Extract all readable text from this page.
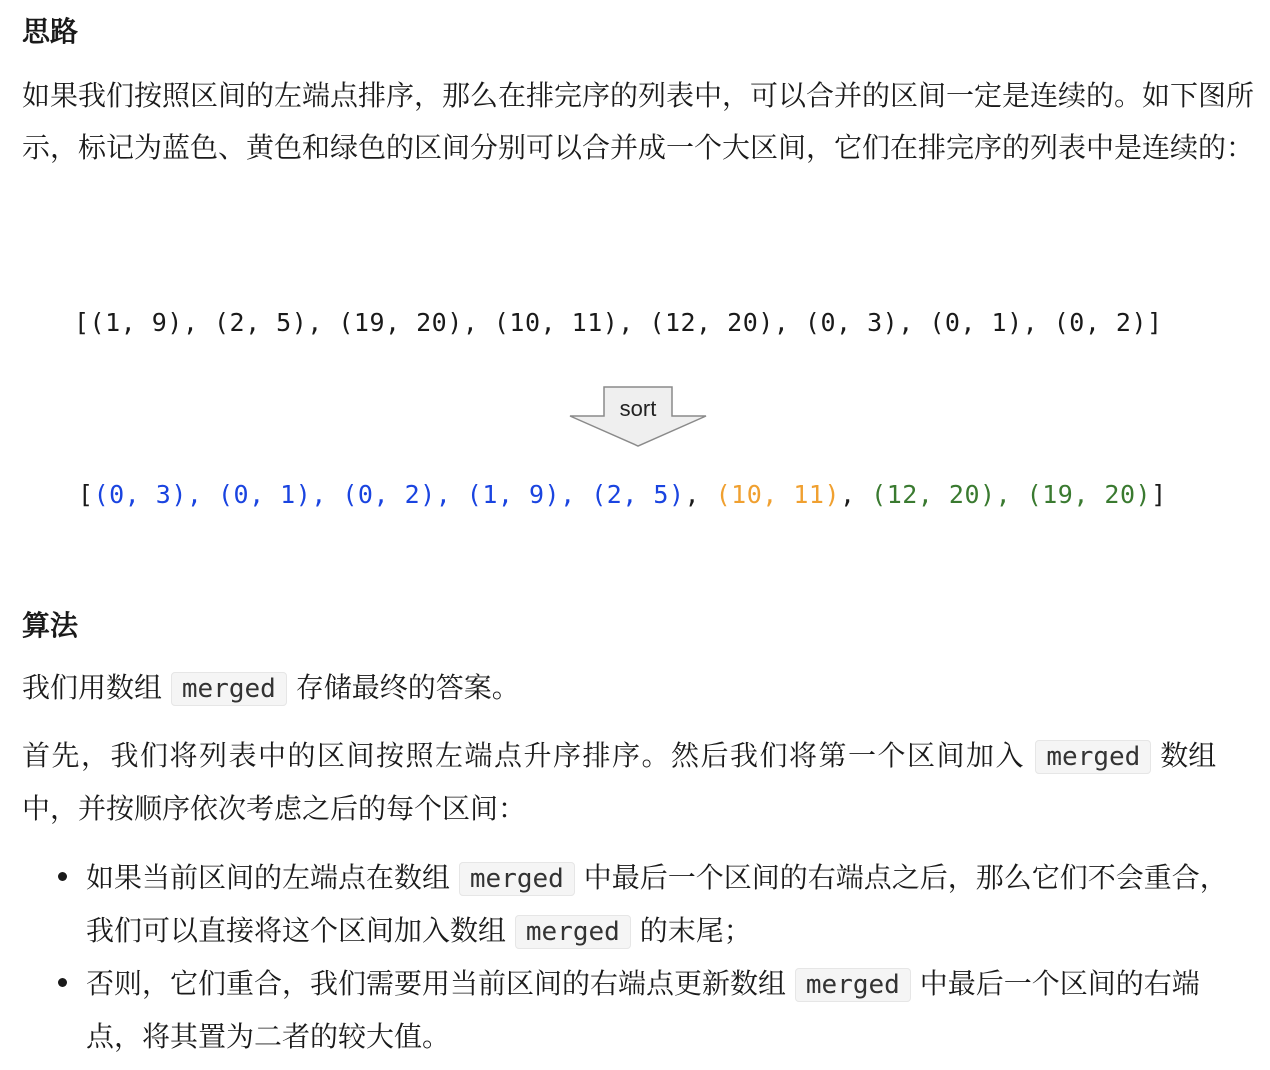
思路

如果我们按照区间的左端点排序，那么在排完序的列表中，可以合并的区间一定是连续的。如下图所示，标记为蓝色、黄色和绿色的区间分别可以合并成一个大区间，它们在排完序的列表中是连续的：

[(1, 9), (2, 5), (19, 20), (10, 11), (12, 20), (0, 3), (0, 1), (0, 2)]
sort
[(0, 3), (0, 1), (0, 2), (1, 9), (2, 5), (10, 11), (12, 20), (19, 20)]
算法

我们用数组 merged 存储最终的答案。

首先，我们将列表中的区间按照左端点升序排序。然后我们将第一个区间加入 merged 数组中，并按顺序依次考虑之后的每个区间：

如果当前区间的左端点在数组 merged 中最后一个区间的右端点之后，那么它们不会重合，我们可以直接将这个区间加入数组 merged 的末尾；
否则，它们重合，我们需要用当前区间的右端点更新数组 merged 中最后一个区间的右端点，将其置为二者的较大值。
